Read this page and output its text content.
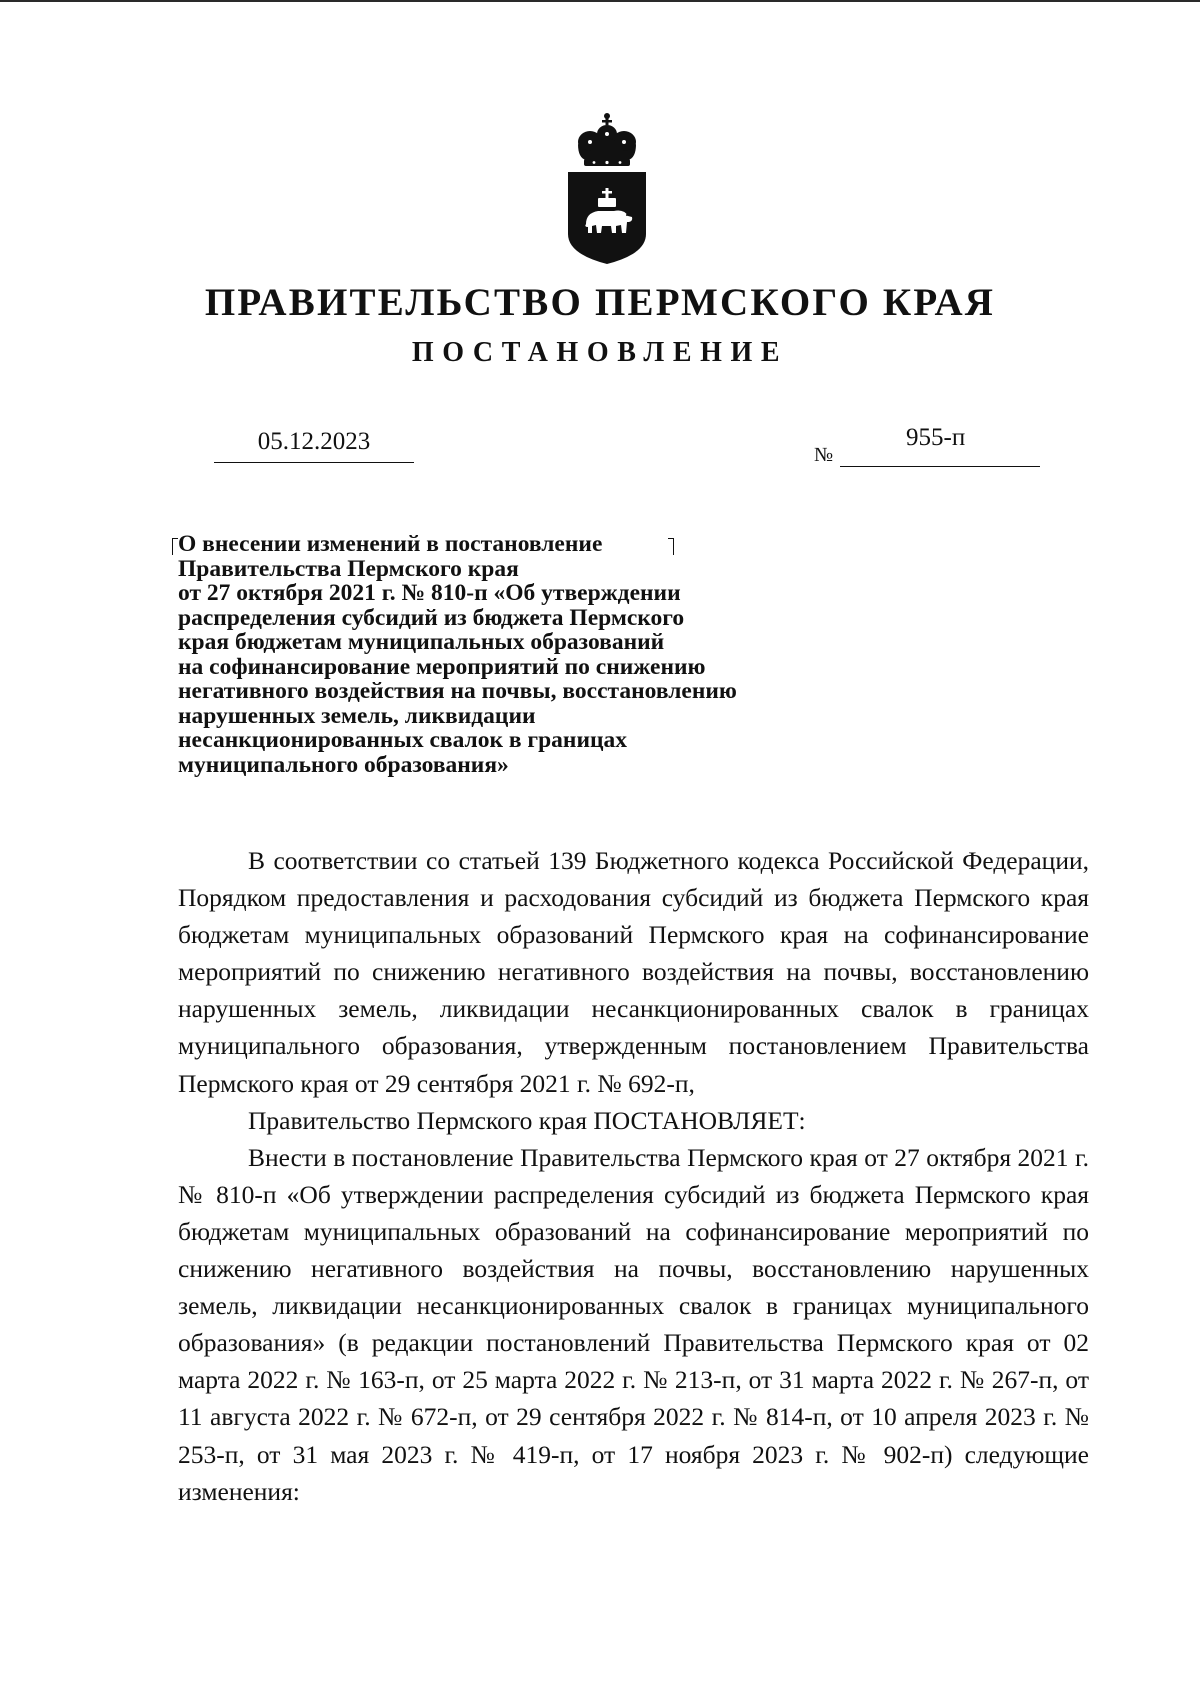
ПРАВИТЕЛЬСТВО ПЕРМСКОГО КРАЯ
ПОСТАНОВЛЕНИЕ
05.12.2023	№
955-п
О внесении изменений в постановление
Правительства Пермского края
от 27 октября 2021 г. № 810-п «Об утверждении
распределения субсидий из бюджета Пермского
края бюджетам муниципальных образований
на софинансирование мероприятий по снижению
негативного воздействия на почвы, восстановлению
нарушенных земель, ликвидации
несанкционированных свалок в границах
муниципального образования»

В соответствии со статьей 139 Бюджетного кодекса Российской Федерации, Порядком предоставления и расходования субсидий из бюджета Пермского края бюджетам муниципальных образований Пермского края на софинансирование мероприятий по снижению негативного воздействия на почвы, восстановлению нарушенных земель, ликвидации несанкционированных свалок в границах муниципального образования, утвержденным постановлением Правительства Пермского края от 29 сентября 2021 г. № 692-п,

Правительство Пермского края ПОСТАНОВЛЯЕТ:

Внести в постановление Правительства Пермского края от 27 октября 2021 г. № 810-п «Об утверждении распределения субсидий из бюджета Пермского края бюджетам муниципальных образований на софинансирование мероприятий по снижению негативного воздействия на почвы, восстановлению нарушенных земель, ликвидации несанкционированных свалок в границах муниципального образования» (в редакции постановлений Правительства Пермского края от 02 марта 2022 г. № 163-п, от 25 марта 2022 г. № 213-п, от 31 марта 2022 г. № 267-п, от 11 августа 2022 г. № 672-п, от 29 сентября 2022 г. № 814-п, от 10 апреля 2023 г. № 253-п, от 31 мая 2023 г. № 419-п, от 17 ноября 2023 г. № 902-п) следующие изменения:
